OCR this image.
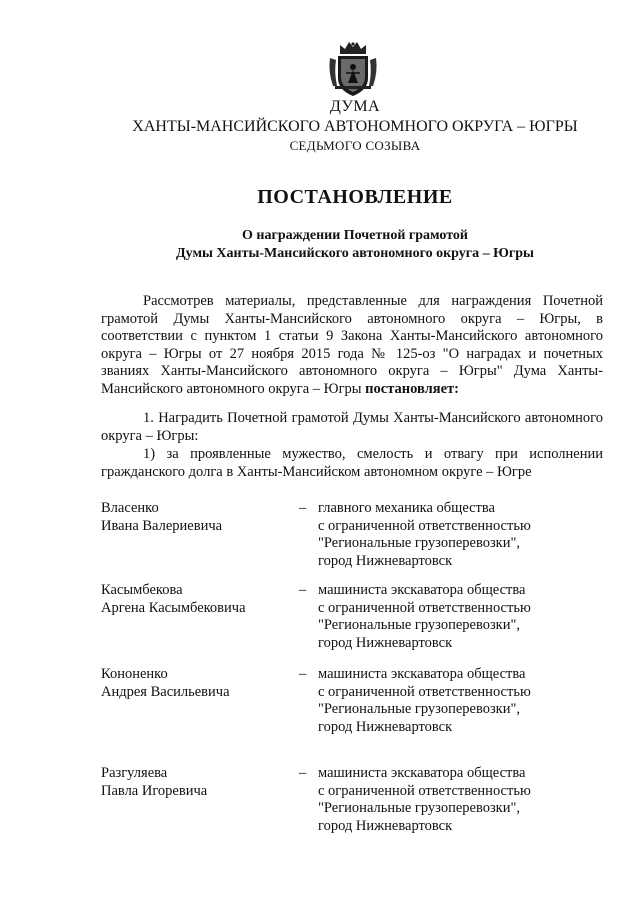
ДУМА
ХАНТЫ-МАНСИЙСКОГО АВТОНОМНОГО ОКРУГА – ЮГРЫ
СЕДЬМОГО СОЗЫВА
ПОСТАНОВЛЕНИЕ
О награждении Почетной грамотой
Думы Ханты-Мансийского автономного округа – Югры
Рассмотрев материалы, представленные для награждения Почетной грамотой Думы Ханты-Мансийского автономного округа – Югры, в соответствии с пунктом 1 статьи 9 Закона Ханты-Мансийского автономного округа – Югры от 27 ноября 2015 года № 125-оз "О наградах и почетных званиях Ханты-Мансийского автономного округа – Югры" Дума Ханты-Мансийского автономного округа – Югры постановляет:
1. Наградить Почетной грамотой Думы Ханты-Мансийского автономного округа – Югры:
1) за проявленные мужество, смелость и отвагу при исполнении гражданского долга в Ханты-Мансийском автономном округе – Югре
Власенко
Ивана Валериевича
– главного механика общества
с ограниченной ответственностью
"Региональные грузоперевозки",
город Нижневартовск
Касымбекова
Аргена Касымбековича
– машиниста экскаватора общества
с ограниченной ответственностью
"Региональные грузоперевозки",
город Нижневартовск
Кононенко
Андрея Васильевича
– машиниста экскаватора общества
с ограниченной ответственностью
"Региональные грузоперевозки",
город Нижневартовск
Разгуляева
Павла Игоревича
– машиниста экскаватора общества
с ограниченной ответственностью
"Региональные грузоперевозки",
город Нижневартовск
